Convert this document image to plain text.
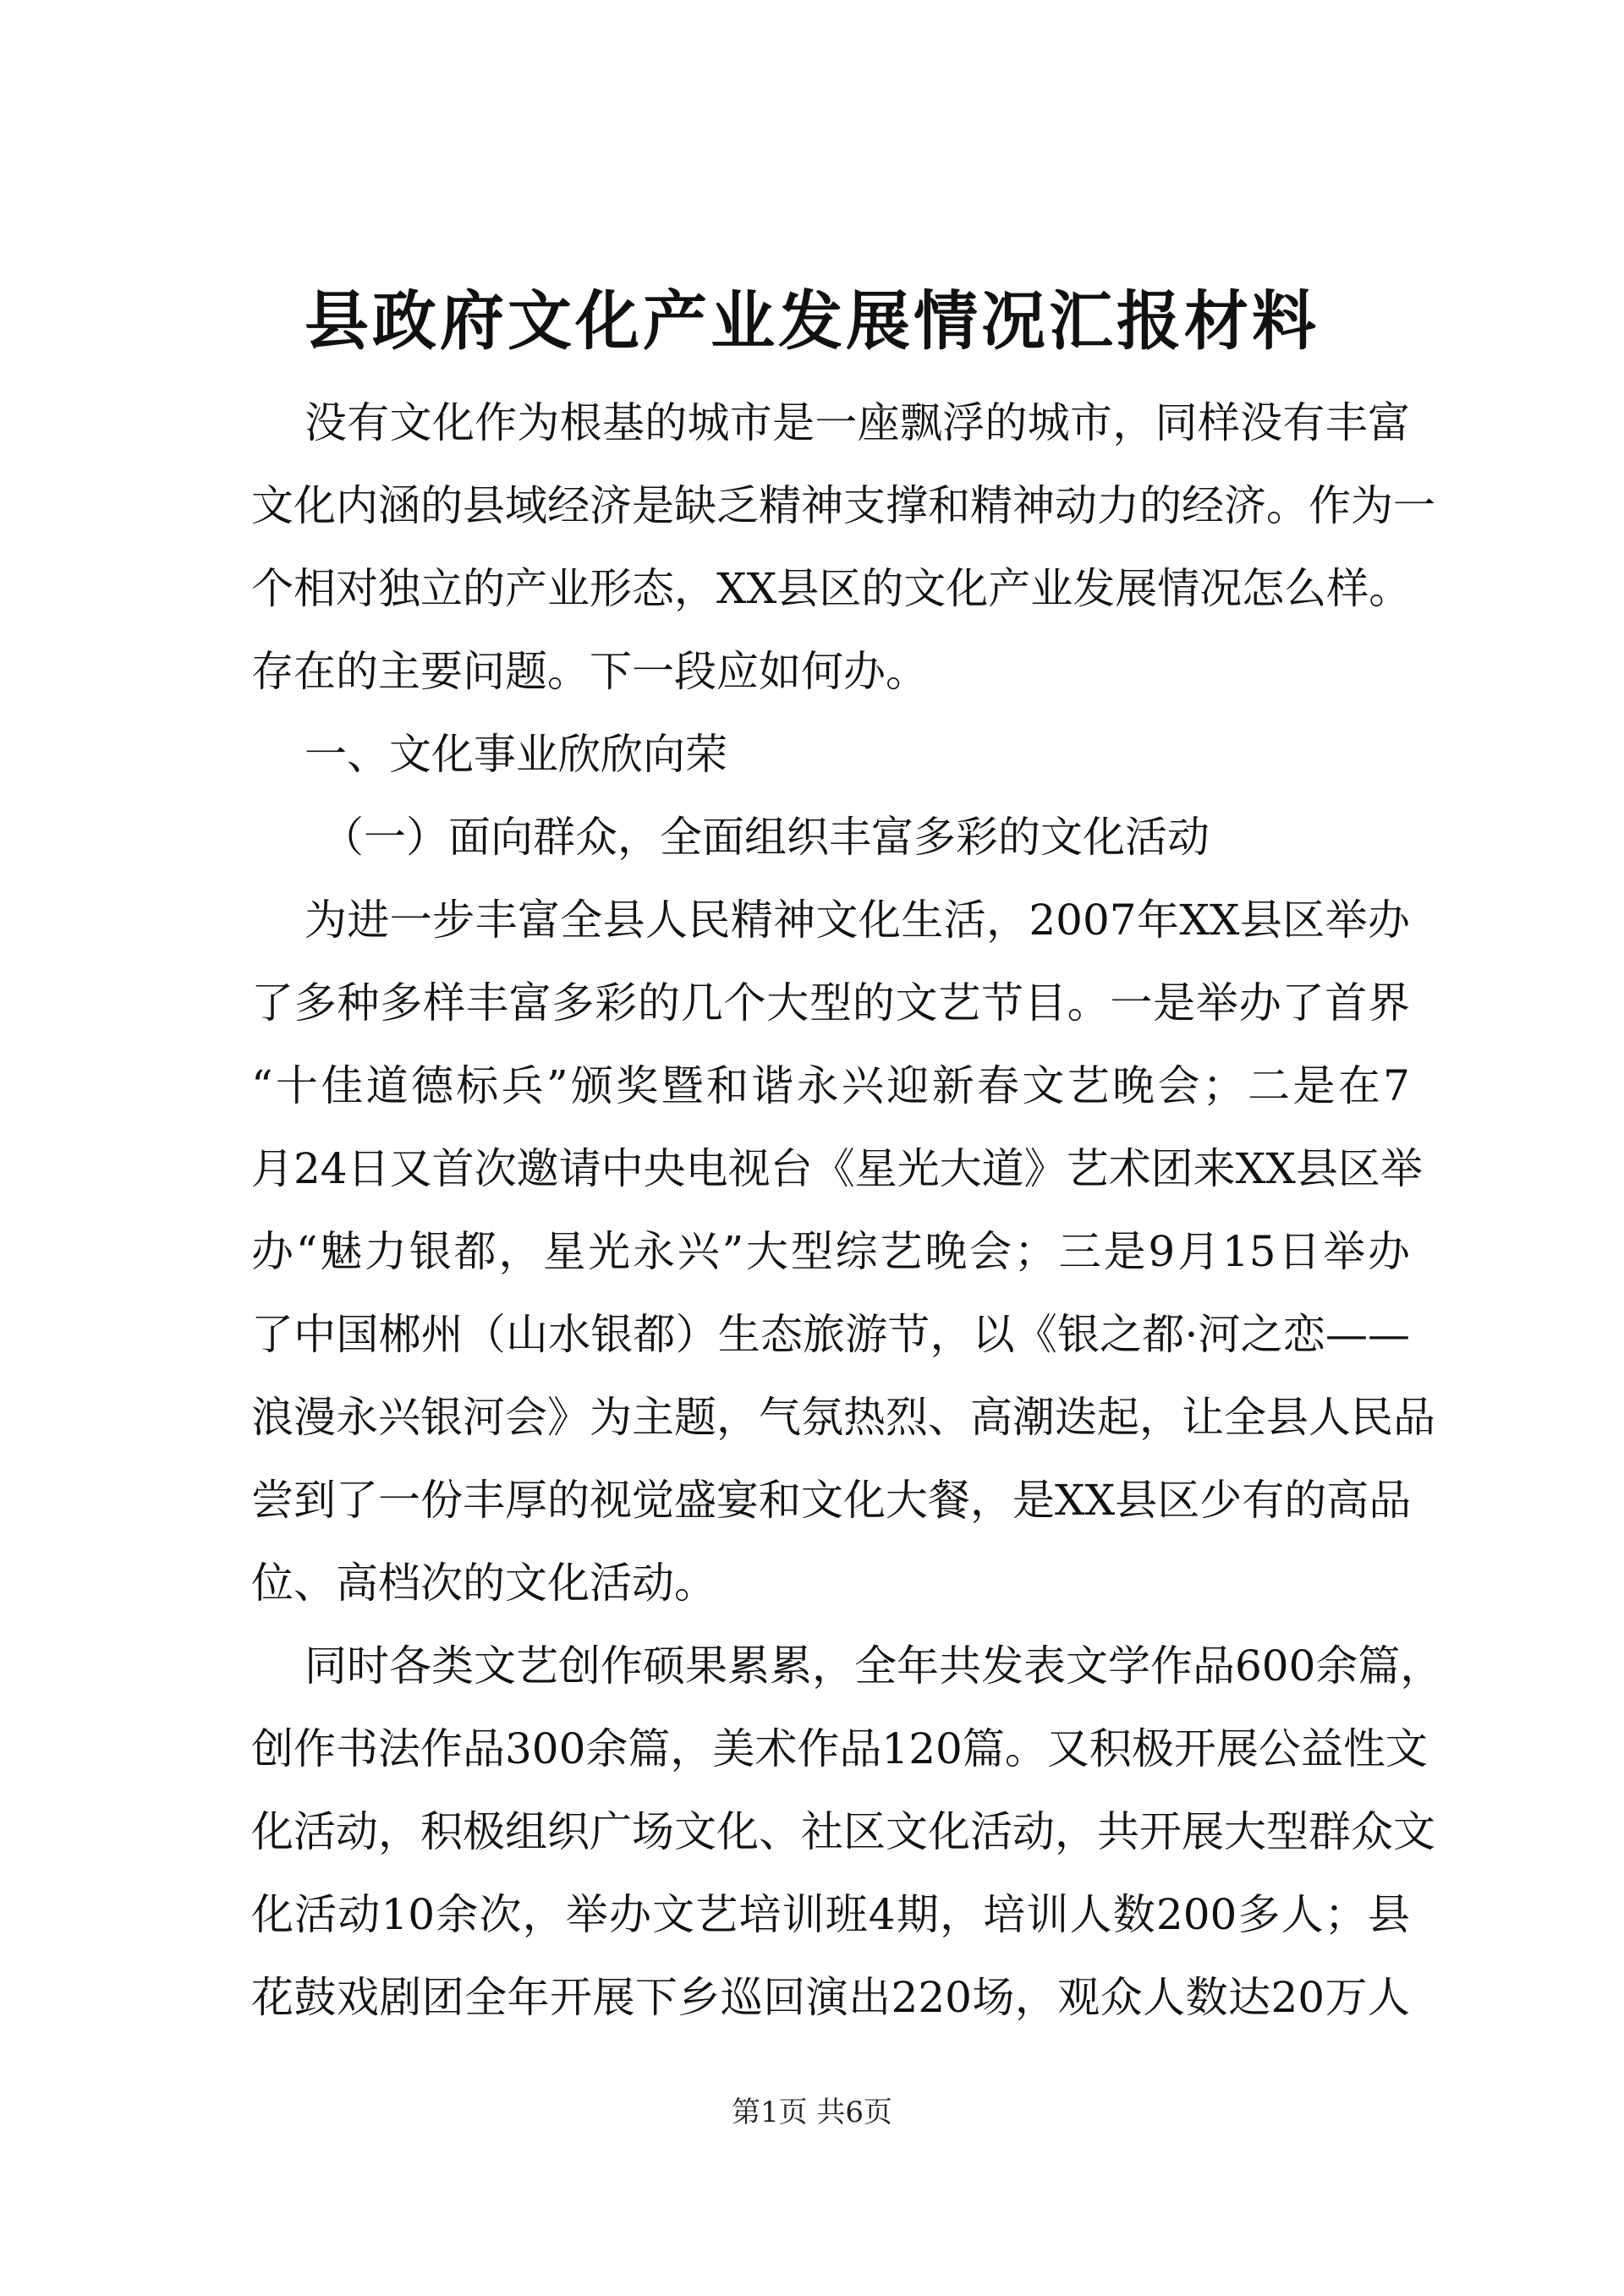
县政府文化产业发展情况汇报材料
没有文化作为根基的城市是一座飘浮的城市，同样没有丰富
文化内涵的县域经济是缺乏精神支撑和精神动力的经济。作为一
个相对独立的产业形态，XX县区的文化产业发展情况怎么样。
存在的主要问题。下一段应如何办。
一、文化事业欣欣向荣
（一）面向群众，全面组织丰富多彩的文化活动
为进一步丰富全县人民精神文化生活，2007年XX县区举办
了多种多样丰富多彩的几个大型的文艺节目。一是举办了首界
“十佳道德标兵”颁奖暨和谐永兴迎新春文艺晚会；二是在7
月24日又首次邀请中央电视台《星光大道》艺术团来XX县区举
办“魅力银都，星光永兴”大型综艺晚会；三是9月15日举办
了中国郴州（山水银都）生态旅游节，以《银之都·河之恋——
浪漫永兴银河会》为主题，气氛热烈、高潮迭起，让全县人民品
尝到了一份丰厚的视觉盛宴和文化大餐，是XX县区少有的高品
位、高档次的文化活动。
同时各类文艺创作硕果累累，全年共发表文学作品600余篇，
创作书法作品300余篇，美术作品120篇。又积极开展公益性文
化活动，积极组织广场文化、社区文化活动，共开展大型群众文
化活动10余次，举办文艺培训班4期，培训人数200多人；县
花鼓戏剧团全年开展下乡巡回演出220场，观众人数达20万人
第1页 共6页
